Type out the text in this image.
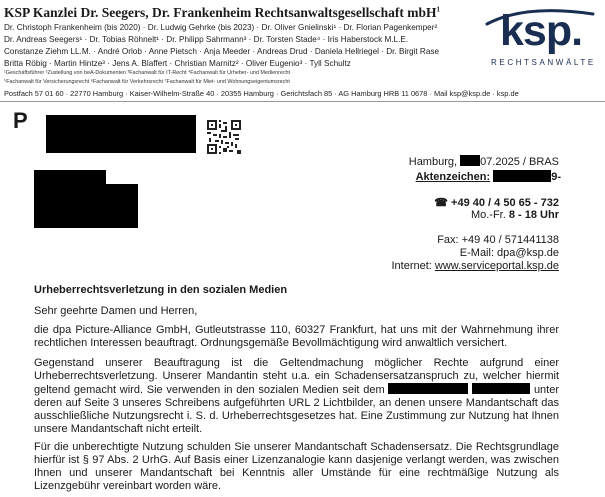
KSP Kanzlei Dr. Seegers, Dr. Frankenheim Rechtsanwaltsgesellschaft mbH$^1$
Dr. Christoph Frankenheim (bis 2020) · Dr. Ludwig Gehrke (bis 2023) · Dr. Oliver Gnielinski¹ · Dr. Florian Pagenkemper²
Dr. Andreas Seegers¹ · Dr. Tobias Röhnelt¹ · Dr. Philipp Sahrmann³ · Dr. Torsten Stade⁴ · Iris Haberstock M.L.E.
Constanze Ziehm LL.M. · André Orlob · Anne Pietsch · Anja Meeder · Andreas Drud · Daniela Hellriegel · Dr. Birgit Rase
Britta Röbig · Martin Hintze³ · Jens A. Blaffert · Christian Marnitz² · Oliver Eugenio³ · Tyll Schultz
¹Geschäftsführer ²Zustellung von beA-Dokumenten ³Fachanwalt für IT-Recht ⁴Fachanwalt für Urheber- und Medienrecht
⁵Fachanwalt für Versicherungsrecht ⁶Fachanwalt für Verkehrsrecht ⁷Fachanwalt für Miet- und Wohnungseigentumsrecht
Postfach 57 01 60 · 22770 Hamburg · Kaiser-Wilhelm-Straße 40 · 20355 Hamburg · Gerichtsfach 85 · AG Hamburg HRB 11 0678 · Mail ksp@ksp.de · ksp.de
ksp.
RECHTSANWÄLTE
P
Hamburg, 07.2025 / BRAS
Aktenzeichen:	9-
☎ +49 40 / 4 50 65 - 732
Mo.-Fr. 8 - 18 Uhr
Fax: +49 40 / 571441138
E-Mail: dpa@ksp.de
Internet: www.serviceportal.ksp.de
Urheberrechtsverletzung in den sozialen Medien
Sehr geehrte Damen und Herren,
die dpa Picture-Alliance GmbH, Gutleutstrasse 110, 60327 Frankfurt, hat uns mit der Wahrnehmung ihrer rechtlichen Interessen beauftragt. Ordnungsgemäße Bevollmächtigung wird anwaltlich versichert.
Gegenstand unserer Beauftragung ist die Geltendmachung möglicher Rechte aufgrund einer Urheberrechtsverletzung. Unserer Mandantin steht u.a. ein Schadensersatzanspruch zu, welcher hiermit geltend gemacht wird. Sie verwenden in den sozialen Medien seit dem	unter deren auf Seite 3 unseres Schreibens aufgeführten URL 2 Lichtbilder, an denen unsere Mandantschaft das ausschließliche Nutzungsrecht i. S. d. Urheberrechtsgesetzes hat. Eine Zustimmung zur Nutzung hat Ihnen unsere Mandantschaft nicht erteilt.
Für die unberechtigte Nutzung schulden Sie unserer Mandantschaft Schadensersatz. Die Rechtsgrundlage hierfür ist § 97 Abs. 2 UrhG. Auf Basis einer Lizenzanalogie kann dasjenige verlangt werden, was zwischen Ihnen und unserer Mandantschaft bei Kenntnis aller Umstände für eine rechtmäßige Nutzung als Lizenzgebühr vereinbart worden wäre.
